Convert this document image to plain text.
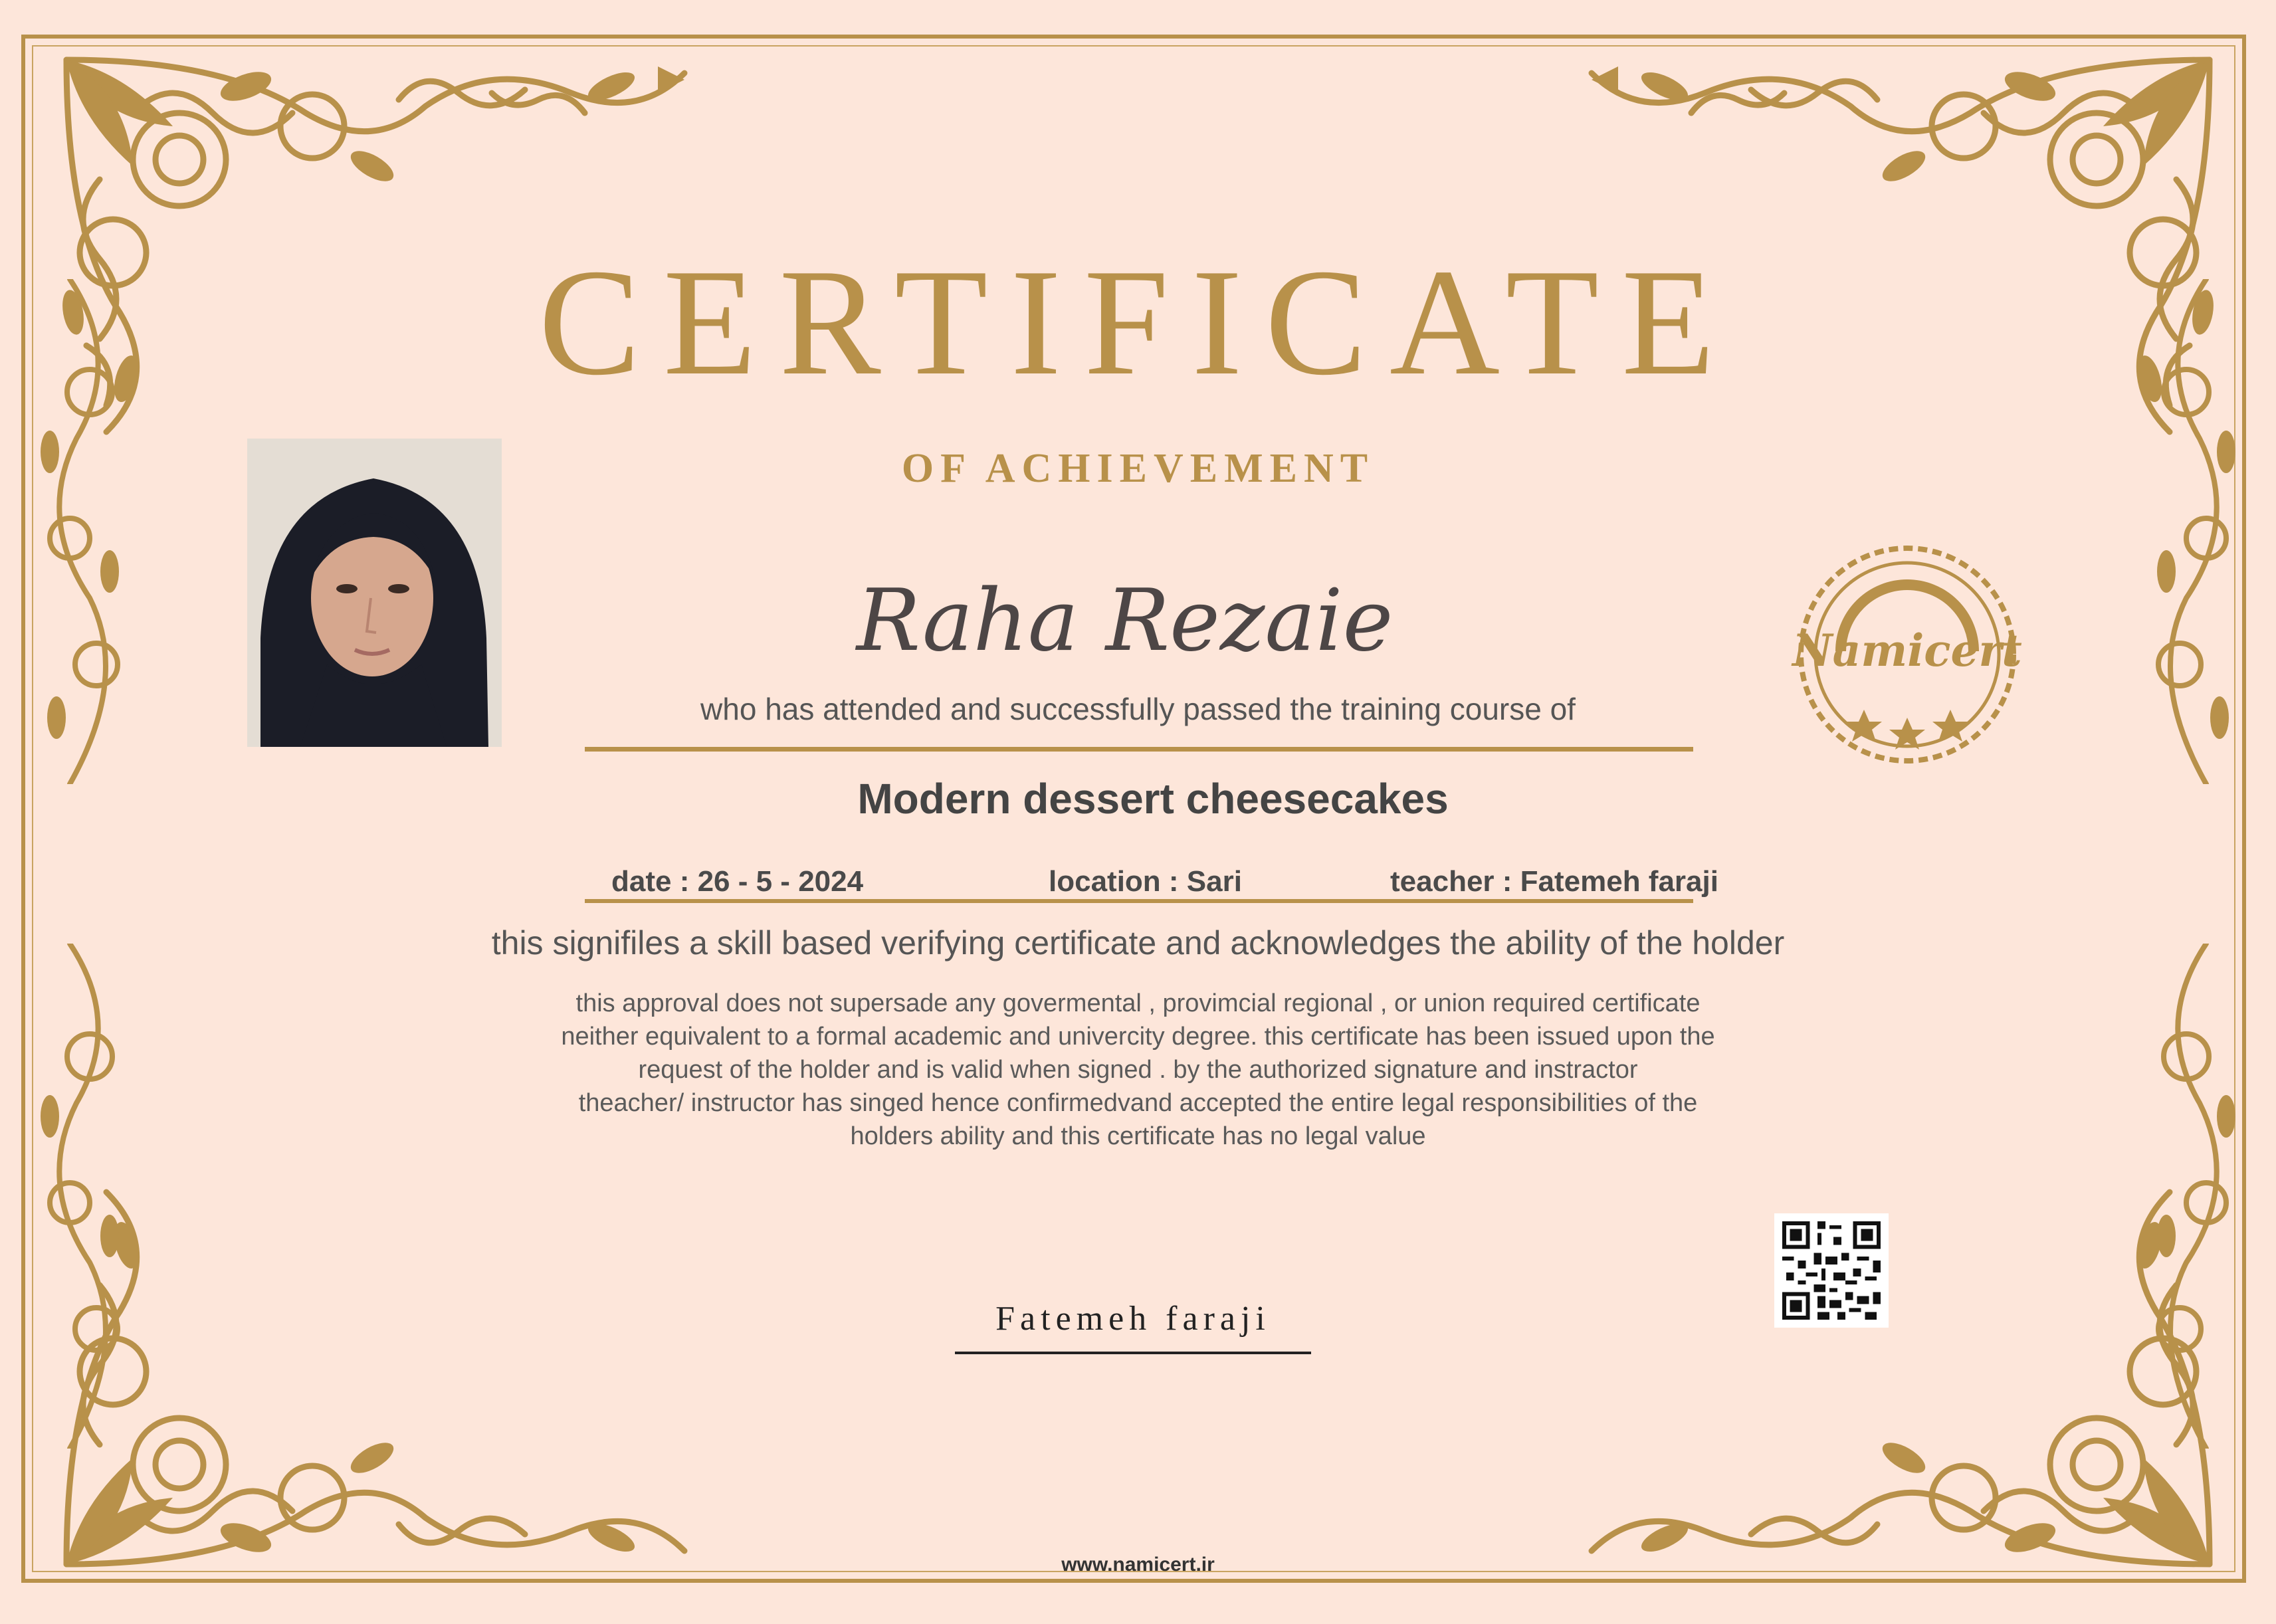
CERTIFICATE
OF ACHIEVEMENT
Raha Rezaie
who has attended and successfully passed the training course of
Modern dessert cheesecakes
date : 26 - 5 - 2024	location : Sari	teacher : Fatemeh faraji
this signifiles a skill based verifying certificate and acknowledges the ability of the holder
this approval does not supersade any govermental , provimcial regional , or union required certificate
neither equivalent to a formal academic and univercity degree. this certificate has been issued upon the
request of the holder and is valid when signed . by the authorized signature and instractor
theacher/ instructor has singed hence confirmedvand accepted the entire legal responsibilities of the
holders ability and this certificate has no legal value
Namicert
Fatemeh faraji
www.namicert.ir
